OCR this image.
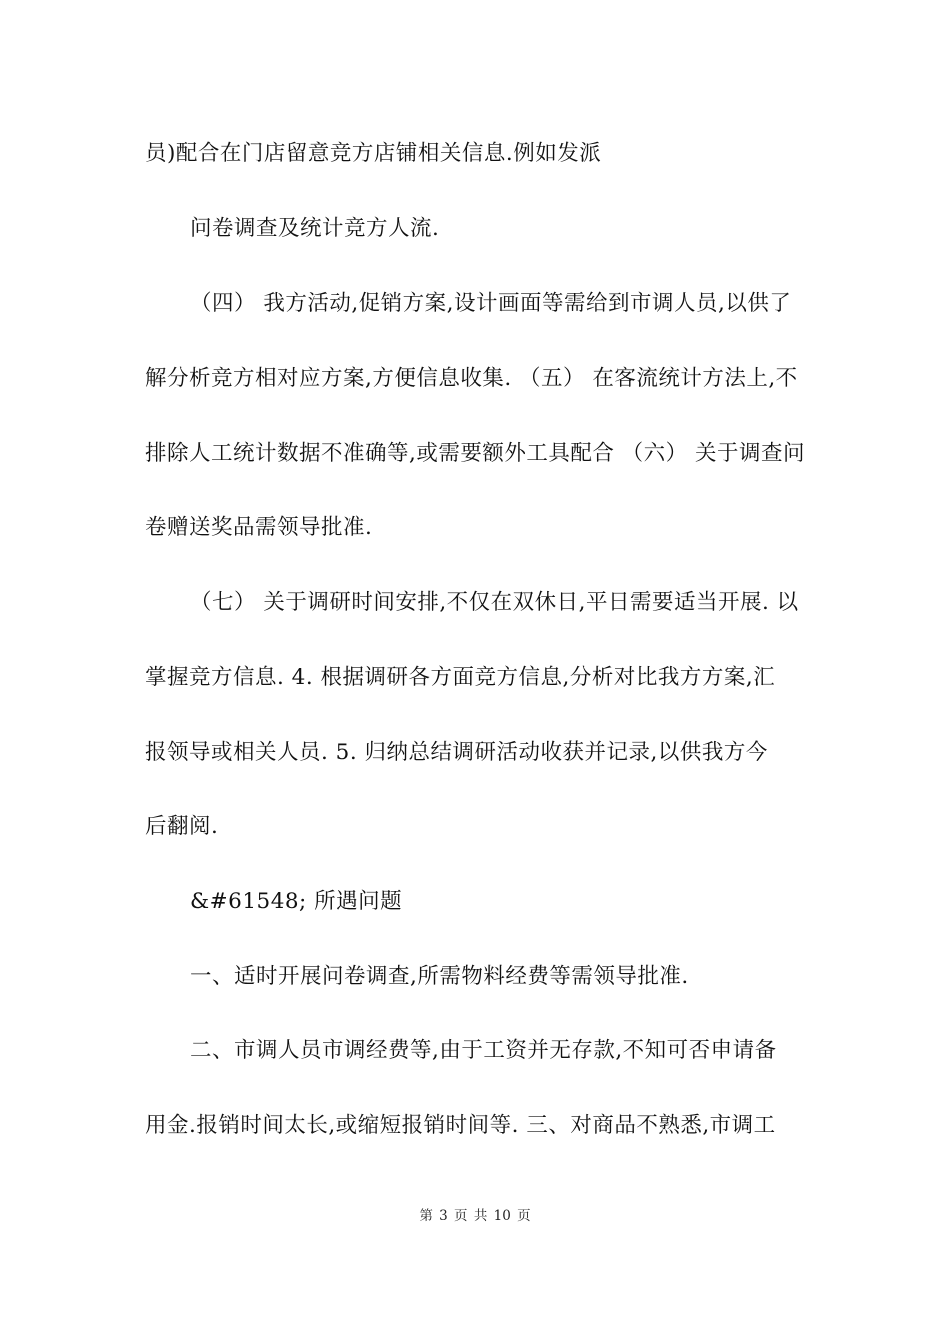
员)配合在门店留意竞方店铺相关信息.例如发派
问卷调查及统计竞方人流.
（四） 我方活动,促销方案,设计画面等需给到市调人员,以供了
解分析竞方相对应方案,方便信息收集. （五） 在客流统计方法上,不
排除人工统计数据不准确等,或需要额外工具配合 （六） 关于调查问
卷赠送奖品需领导批准.
（七） 关于调研时间安排,不仅在双休日,平日需要适当开展. 以
掌握竞方信息. 4. 根据调研各方面竞方信息,分析对比我方方案,汇
报领导或相关人员. 5. 归纳总结调研活动收获并记录,以供我方今
后翻阅.
&#61548; 所遇问题
一、适时开展问卷调查,所需物料经费等需领导批准.
二、市调人员市调经费等,由于工资并无存款,不知可否申请备
用金.报销时间太长,或缩短报销时间等. 三、对商品不熟悉,市调工
第 3 页 共 10 页
